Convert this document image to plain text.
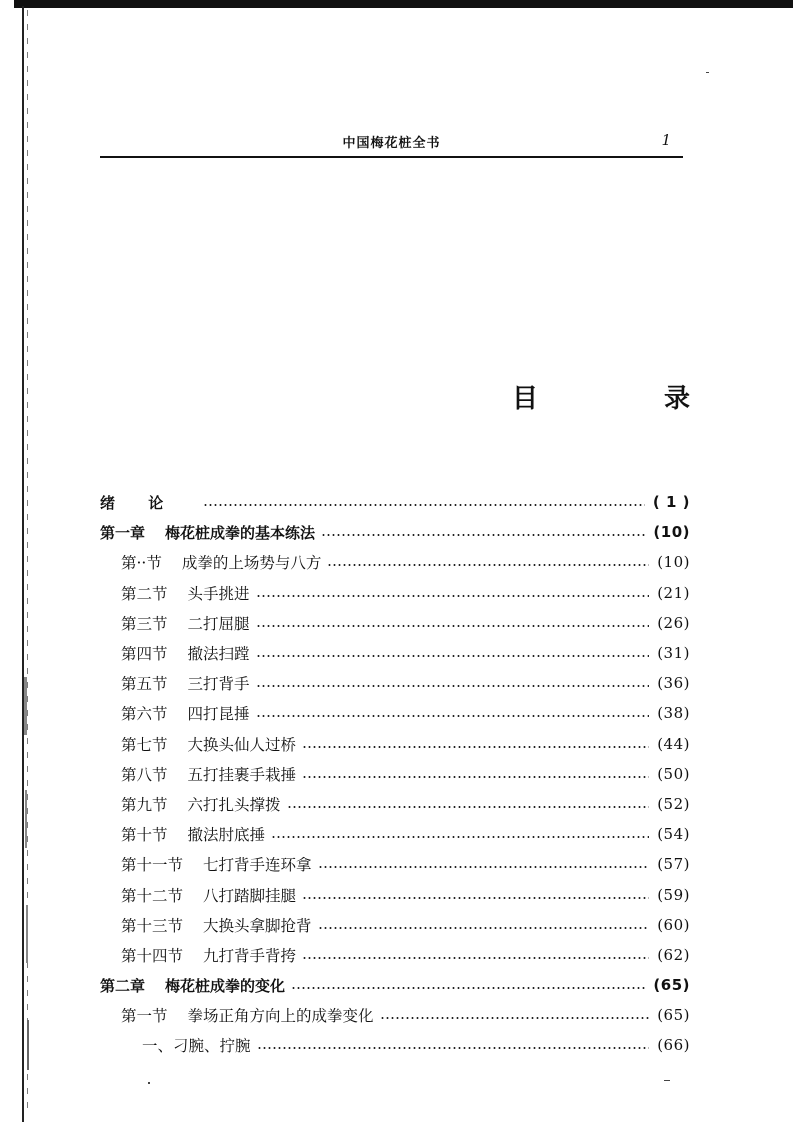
中国梅花桩全书	1
目	录
绪 论	( 1 )
第一章 梅花桩成拳的基本练法	(10)
第··节 成拳的上场势与八方	(10)
第二节 头手挑进	(21)
第三节 二打屈腿	(26)
第四节 撤法扫蹚	(31)
第五节 三打背手	(36)
第六节 四打昆捶	(38)
第七节 大换头仙人过桥	(44)
第八节 五打挂裹手栽捶	(50)
第九节 六打扎头撑拨	(52)
第十节 撤法肘底捶	(54)
第十一节 七打背手连环拿	(57)
第十二节 八打踏脚挂腿	(59)
第十三节 大换头拿脚抢背	(60)
第十四节 九打背手背挎	(62)
第二章 梅花桩成拳的变化	(65)
第一节 拳场正角方向上的成拳变化	(65)
一、刁腕、拧腕	(66)
